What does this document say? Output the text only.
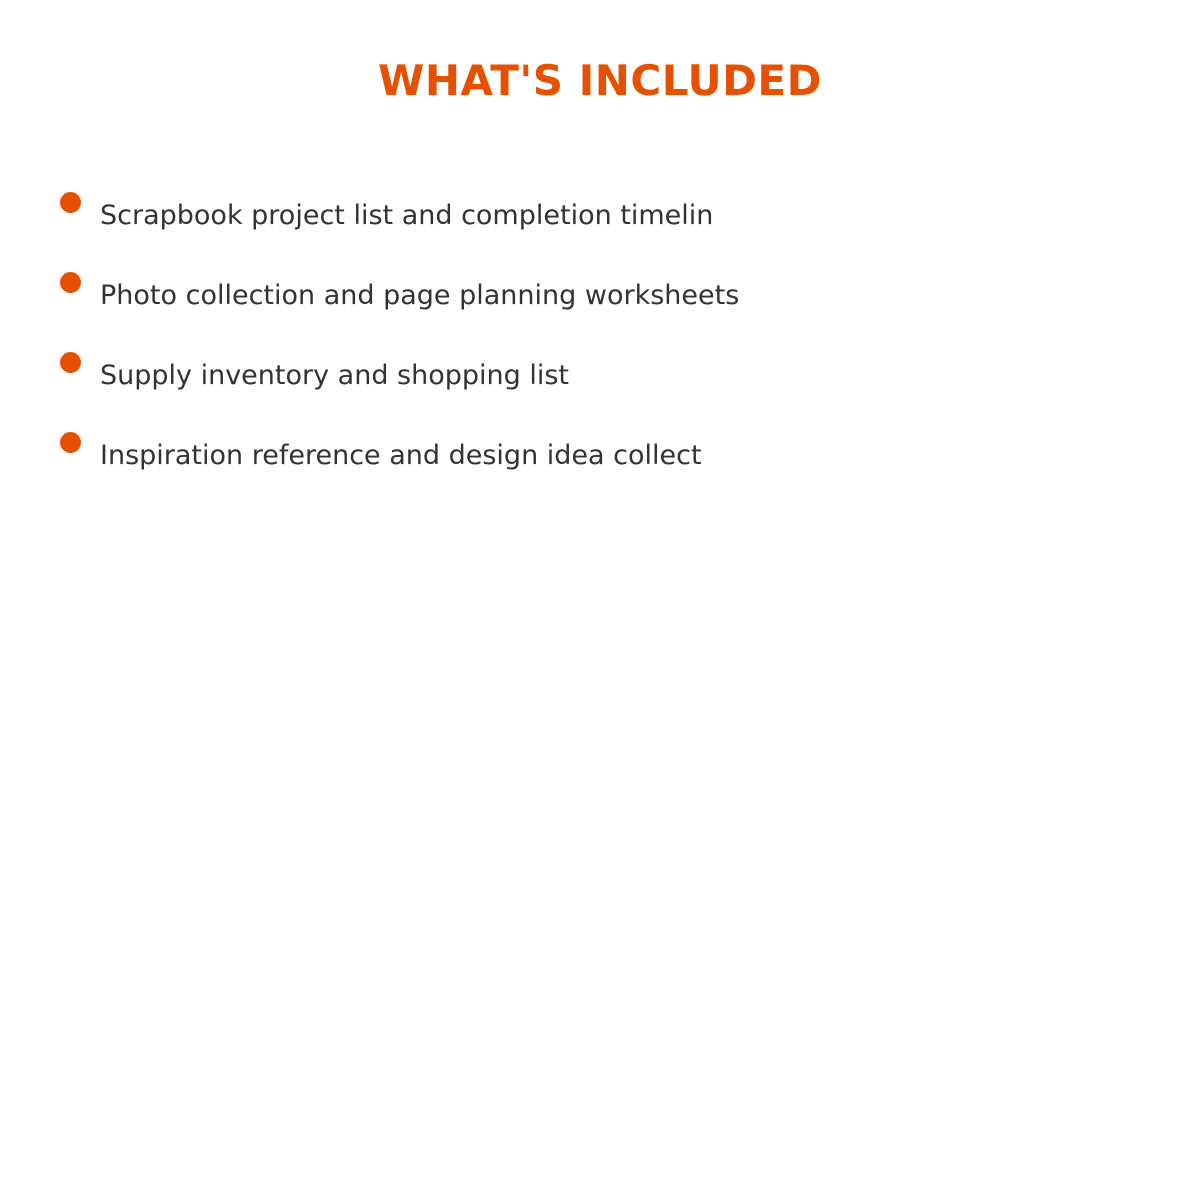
WHAT'S INCLUDED
Scrapbook project list and completion timelin
Photo collection and page planning worksheets
Supply inventory and shopping list
Inspiration reference and design idea collect
